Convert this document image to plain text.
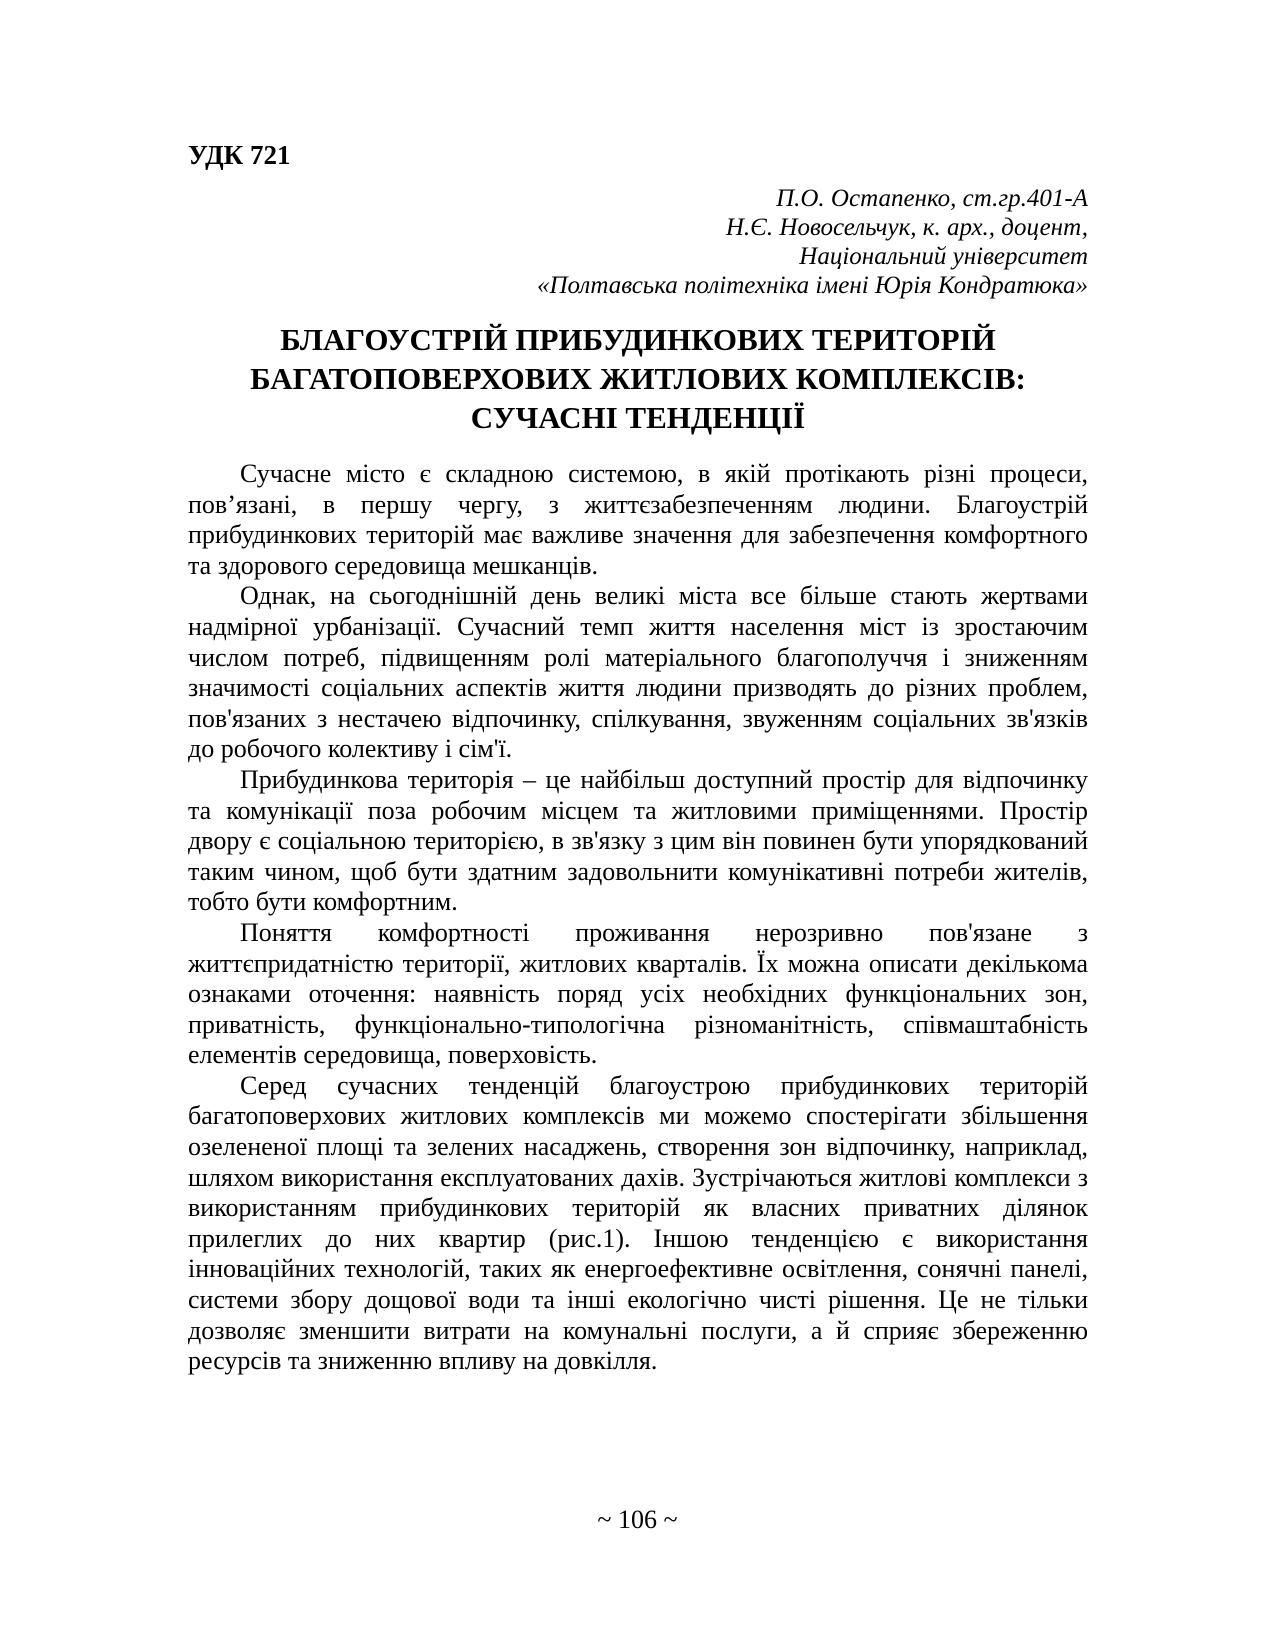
УДК 721
П.О. Остапенко, ст.гр.401-А
Н.Є. Новосельчук, к. арх., доцент,
Національний університет
«Полтавська політехніка імені Юрія Кондратюка»
БЛАГОУСТРІЙ ПРИБУДИНКОВИХ ТЕРИТОРІЙ
БАГАТОПОВЕРХОВИХ ЖИТЛОВИХ КОМПЛЕКСІВ:
СУЧАСНІ ТЕНДЕНЦІЇ

Сучасне місто є складною системою, в якій протікають різні процеси, пов’язані, в першу чергу, з життєзабезпеченням людини. Благоустрій прибудинкових територій має важливе значення для забезпечення комфортного та здорового середовища мешканців.

Однак, на сьогоднішній день великі міста все більше стають жертвами надмірної урбанізації. Сучасний темп життя населення міст із зростаючим числом потреб, підвищенням ролі матеріального благополуччя і зниженням значимості соціальних аспектів життя людини призводять до різних проблем, пов'язаних з нестачею відпочинку, спілкування, звуженням соціальних зв'язків до робочого колективу і сім'ї.

Прибудинкова територія – це найбільш доступний простір для відпочинку та комунікації поза робочим місцем та житловими приміщеннями. Простір двору є соціальною територією, в зв'язку з цим він повинен бути упорядкований таким чином, щоб бути здатним задовольнити комунікативні потреби жителів, тобто бути комфортним.

Поняття комфортності проживання нерозривно пов'язане з життєпридатністю території, житлових кварталів. Їх можна описати декількома ознаками оточення: наявність поряд усіх необхідних функціональних зон, приватність, функціонально-типологічна різноманітність, співмаштабність елементів середовища, поверховість.

Серед сучасних тенденцій благоустрою прибудинкових територій багатоповерхових житлових комплексів ми можемо спостерігати збільшення озелененої площі та зелених насаджень, створення зон відпочинку, наприклад, шляхом використання експлуатованих дахів. Зустрічаються житлові комплекси з використанням прибудинкових територій як власних приватних ділянок прилеглих до них квартир (рис.1). Іншою тенденцією є використання інноваційних технологій, таких як енергоефективне освітлення, сонячні панелі, системи збору дощової води та інші екологічно чисті рішення. Це не тільки дозволяє зменшити витрати на комунальні послуги, а й сприяє збереженню ресурсів та зниженню впливу на довкілля.

~ 106 ~
